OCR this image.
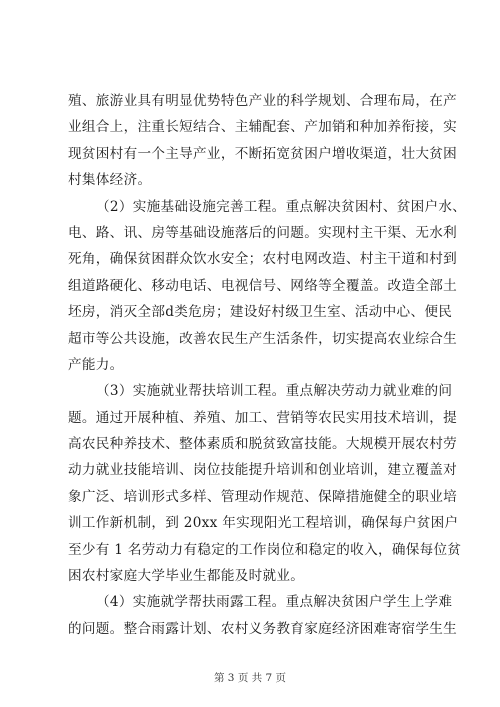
殖、旅游业具有明显优势特色产业的科学规划、合理布局，在产
业组合上，注重长短结合、主辅配套、产加销和种加养衔接，实
现贫困村有一个主导产业，不断拓宽贫困户增收渠道，壮大贫困
村集体经济。
（2）实施基础设施完善工程。重点解决贫困村、贫困户水、
电、路、讯、房等基础设施落后的问题。实现村主干渠、无水利
死角，确保贫困群众饮水安全；农村电网改造、村主干道和村到
组道路硬化、移动电话、电视信号、网络等全覆盖。改造全部土
坯房，消灭全部d类危房；建设好村级卫生室、活动中心、便民
超市等公共设施，改善农民生产生活条件，切实提高农业综合生
产能力。
（3）实施就业帮扶培训工程。重点解决劳动力就业难的问
题。通过开展种植、养殖、加工、营销等农民实用技术培训，提
高农民种养技术、整体素质和脱贫致富技能。大规模开展农村劳
动力就业技能培训、岗位技能提升培训和创业培训，建立覆盖对
象广泛、培训形式多样、管理动作规范、保障措施健全的职业培
训工作新机制，到 20xx 年实现阳光工程培训，确保每户贫困户
至少有 1 名劳动力有稳定的工作岗位和稳定的收入，确保每位贫
困农村家庭大学毕业生都能及时就业。
（4）实施就学帮扶雨露工程。重点解决贫困户学生上学难
的问题。整合雨露计划、农村义务教育家庭经济困难寄宿学生生
第 3 页 共 7 页
